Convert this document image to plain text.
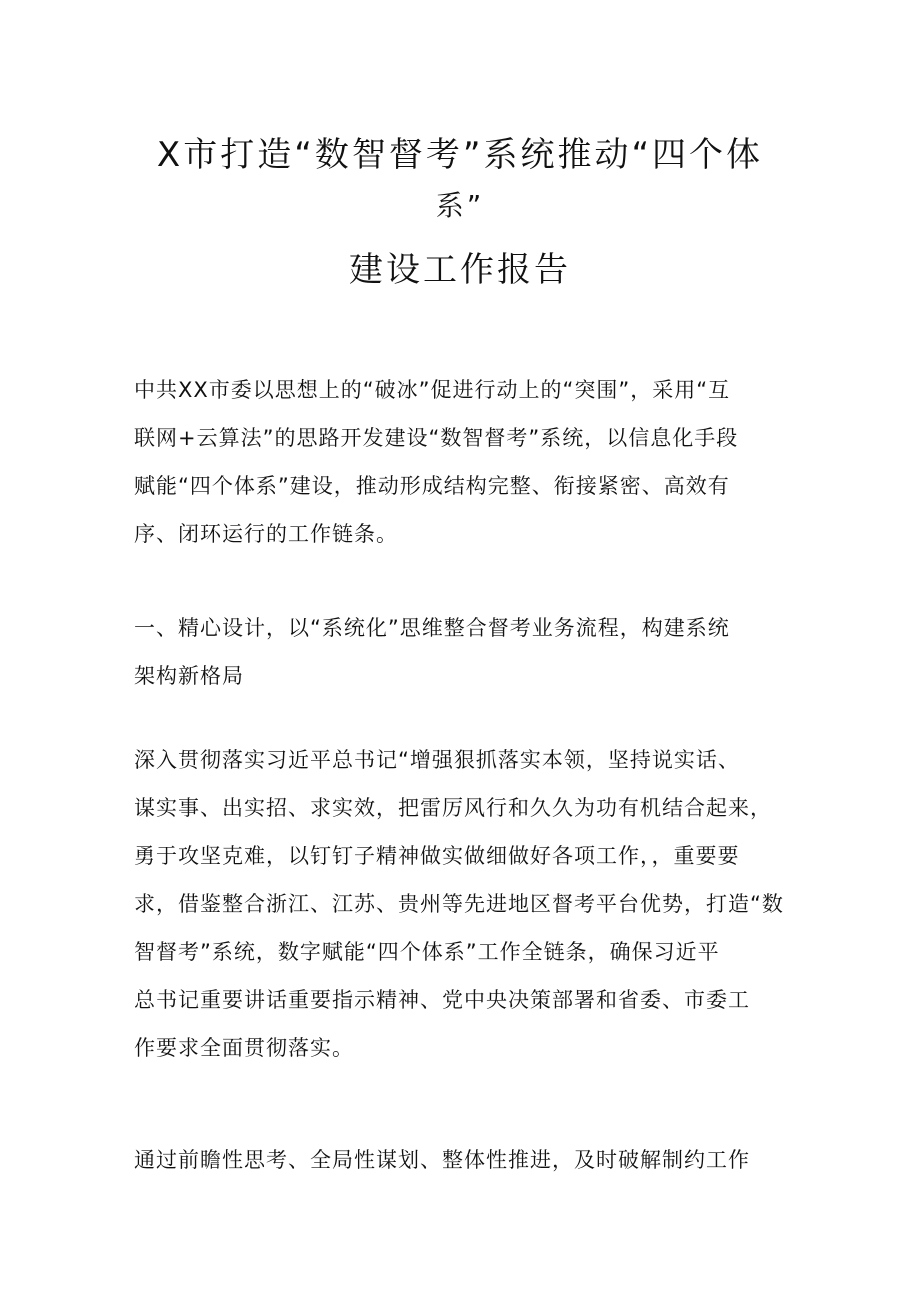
X市打造“数智督考”系统推动“四个体
系”
建设工作报告
中共XX市委以思想上的“破冰”促进行动上的“突围”，采用“互
联网+云算法”的思路开发建设“数智督考”系统，以信息化手段
赋能“四个体系”建设，推动形成结构完整、衔接紧密、高效有
序、闭环运行的工作链条。
一、精心设计，以“系统化”思维整合督考业务流程，构建系统
架构新格局
深入贯彻落实习近平总书记“增强狠抓落实本领，坚持说实话、
谋实事、出实招、求实效，把雷厉风行和久久为功有机结合起来，
勇于攻坚克难，以钉钉子精神做实做细做好各项工作，，重要要
求，借鉴整合浙江、江苏、贵州等先进地区督考平台优势，打造“数
智督考”系统，数字赋能“四个体系”工作全链条，确保习近平
总书记重要讲话重要指示精神、党中央决策部署和省委、市委工
作要求全面贯彻落实。
通过前瞻性思考、全局性谋划、整体性推进，及时破解制约工作
